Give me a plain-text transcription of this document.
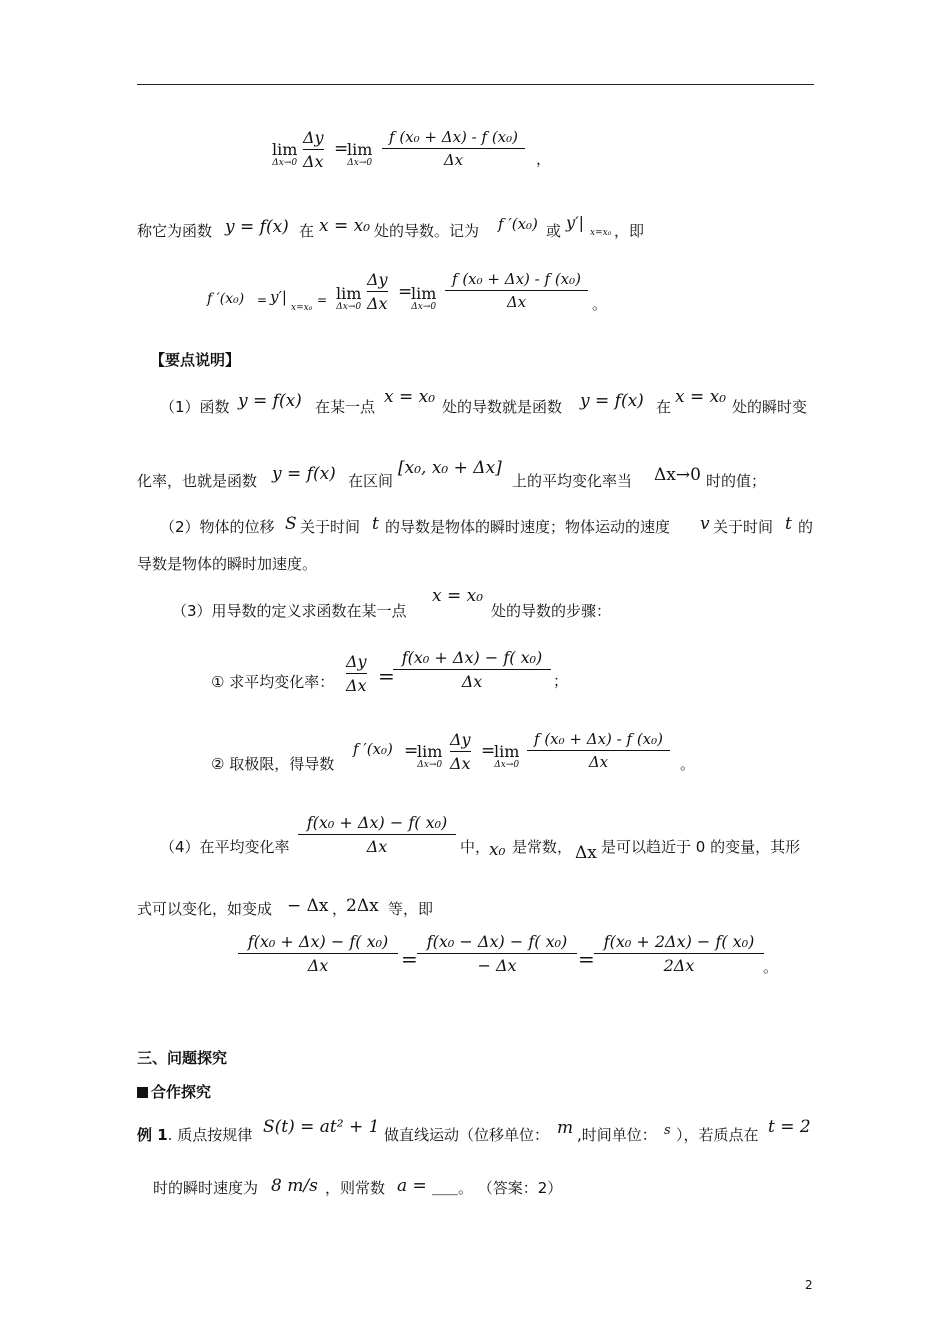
lim
Δx→0
Δy
Δx
=
lim
Δx→0
f (x₀ + Δx) - f (x₀)
Δx	，
称它为函数 y = f(x) 在 x = x₀ 处的导数。记为 f ′(x₀) 或 y′|
x=x₀ ，即
f ′(x₀) = y′|
x=x₀
= lim
Δx→0
Δy
Δx
=
lim
Δx→0
f (x₀ + Δx) - f (x₀)
Δx	。
【要点说明】
（1）函数 y = f(x) 在某一点 x = x₀ 处的导数就是函数 y = f(x) 在 x = x₀ 处的瞬时变
化率，也就是函数 y = f(x) 在区间
[x₀, x₀ + Δx]
上的平均变化率当 Δx→0 时的值；
（2）物体的位移 S 关于时间 t 的导数是物体的瞬时速度；物体运动的速度 v 关于时间 t 的
导数是物体的瞬时加速度。
（3）用导数的定义求函数在某一点
x = x₀
处的导数的步骤：
① 求平均变化率：
Δy
Δx =
f(x₀ + Δx) − f( x₀)
Δx	；
② 取极限，得导数
f ′(x₀) =
lim
Δx→0
Δy
Δx
=
lim
Δx→0
f (x₀ + Δx) - f (x₀)
Δx	。
（4）在平均变化率
f(x₀ + Δx) − f( x₀)
Δx	中，
x₀ 是常数， Δx 是可以趋近于 0 的变量，其形
式可以变化，如变成 − Δx ，
2Δx 等，即
f(x₀ + Δx) − f( x₀)
Δx	=
f(x₀ − Δx) − f( x₀)
− Δx	=
f(x₀ + 2Δx) − f( x₀)
2Δx	。
三、问题探究
合作探究
例 1. 质点按规律 S(t) = at² + 1 做直线运动（位移单位： m ,时间单位： s ），若质点在 t = 2
时的瞬时速度为 8 m/s ，则常数 a = ___ 。 （答案：2）
2
